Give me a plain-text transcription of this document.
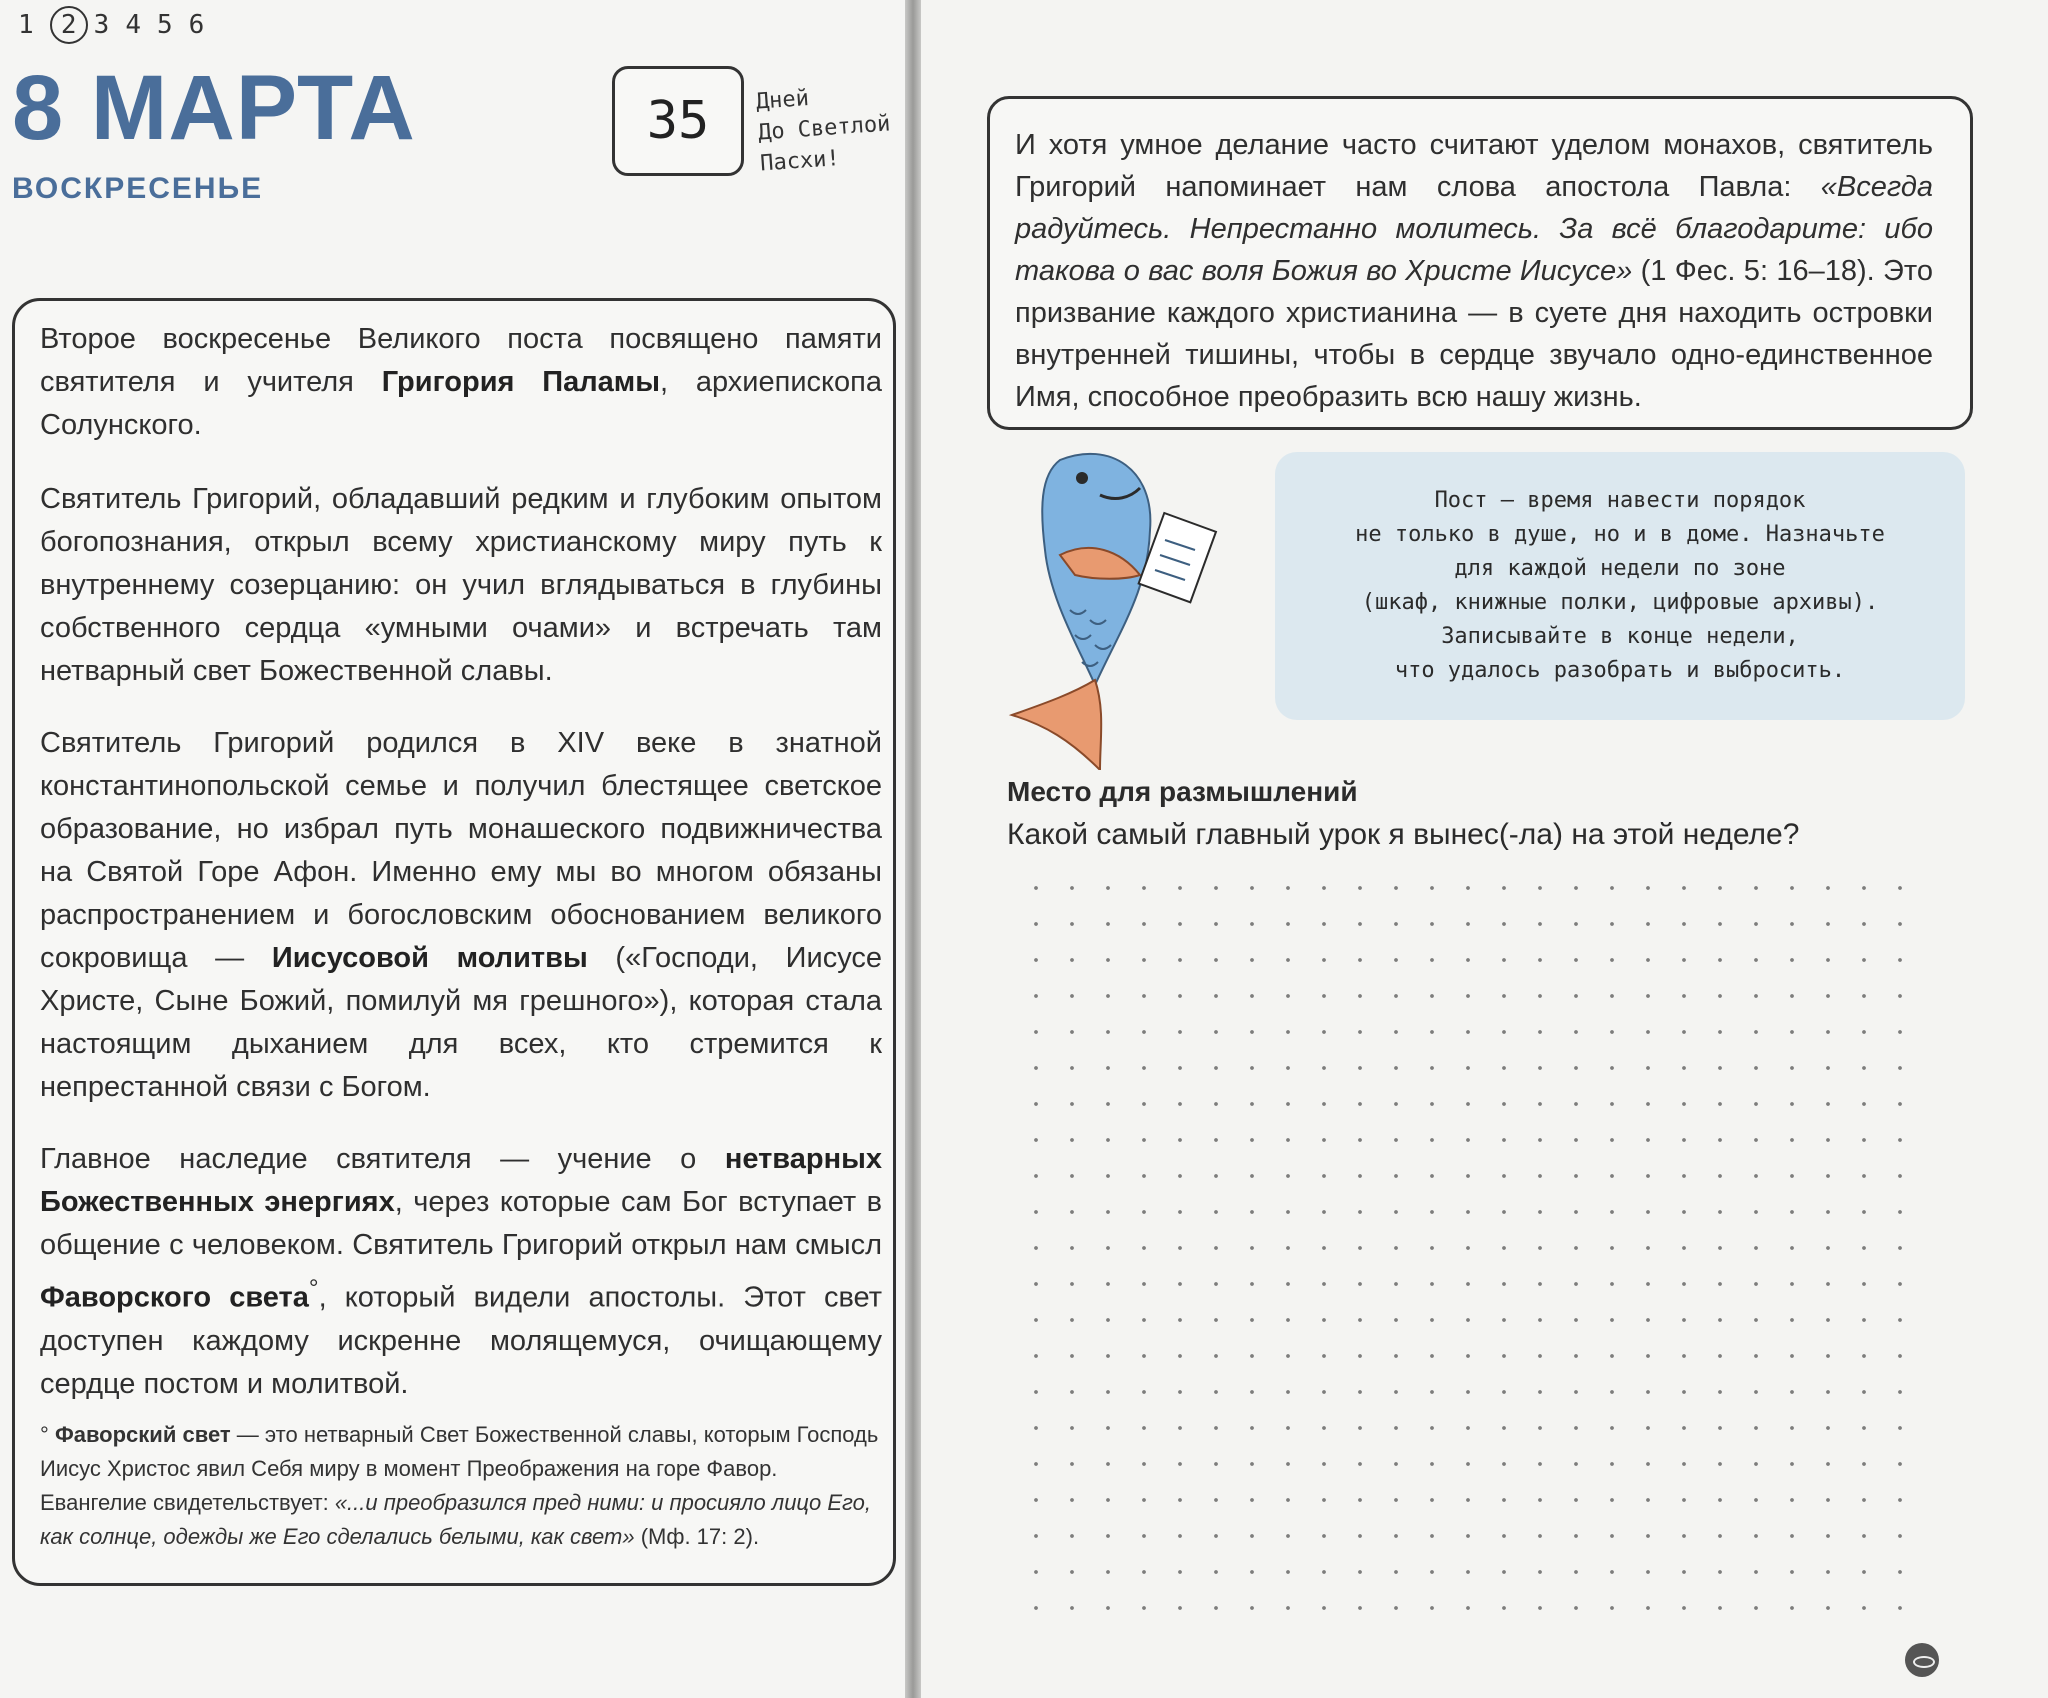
1 2 3 4 5 6
8 МАРТА
ВОСКРЕСЕНЬЕ
35	Дней
До Светлой
Пасхи!
Второе воскресенье Великого поста посвящено памяти святителя и учителя Григория Паламы, архиепископа Солунского.
Святитель Григорий, обладавший редким и глубоким опытом богопознания, открыл всему христианскому миру путь к внутреннему созерцанию: он учил вглядываться в глубины собственного сердца «умными очами» и встречать там нетварный свет Божественной славы.
Святитель Григорий родился в XIV веке в знатной константинопольской семье и получил блестящее светское образование, но избрал путь монашеского подвижничества на Святой Горе Афон. Именно ему мы во многом обязаны распространением и богословским обоснованием великого сокровища — Иисусовой молитвы («Господи, Иисусе Христе, Сыне Божий, помилуй мя грешного»), которая стала настоящим дыханием для всех, кто стремится к непрестанной связи с Богом.
Главное наследие святителя — учение о нетварных Божественных энергиях, через которые сам Бог вступает в общение с человеком. Святитель Григорий открыл нам смысл Фаворского света°, который видели апостолы. Этот свет доступен каждому искренне молящемуся, очищающему сердце постом и молитвой.
° Фаворский свет — это нетварный Свет Божественной славы, которым Господь Иисус Христос явил Себя миру в момент Преображения на горе Фавор. Евангелие свидетельствует: «...и преобразился пред ними: и просияло лицо Его, как солнце, одежды же Его сделались белыми, как свет» (Мф. 17: 2).
И хотя умное делание часто считают уделом монахов, святитель Григорий напоминает нам слова апостола Павла: «Всегда радуйтесь. Непрестанно молитесь. За всё благодарите: ибо такова о вас воля Божия во Христе Иисусе» (1 Фес. 5: 16–18). Это призвание каждого христианина — в суете дня находить островки внутренней тишины, чтобы в сердце звучало одно-единственное Имя, способное преобразить всю нашу жизнь.
Пост — время навести порядок
не только в душе, но и в доме. Назначьте
для каждой недели по зоне
(шкаф, книжные полки, цифровые архивы).
Записывайте в конце недели,
что удалось разобрать и выбросить.
Место для размышлений
Какой самый главный урок я вынес(-ла) на этой неделе?
